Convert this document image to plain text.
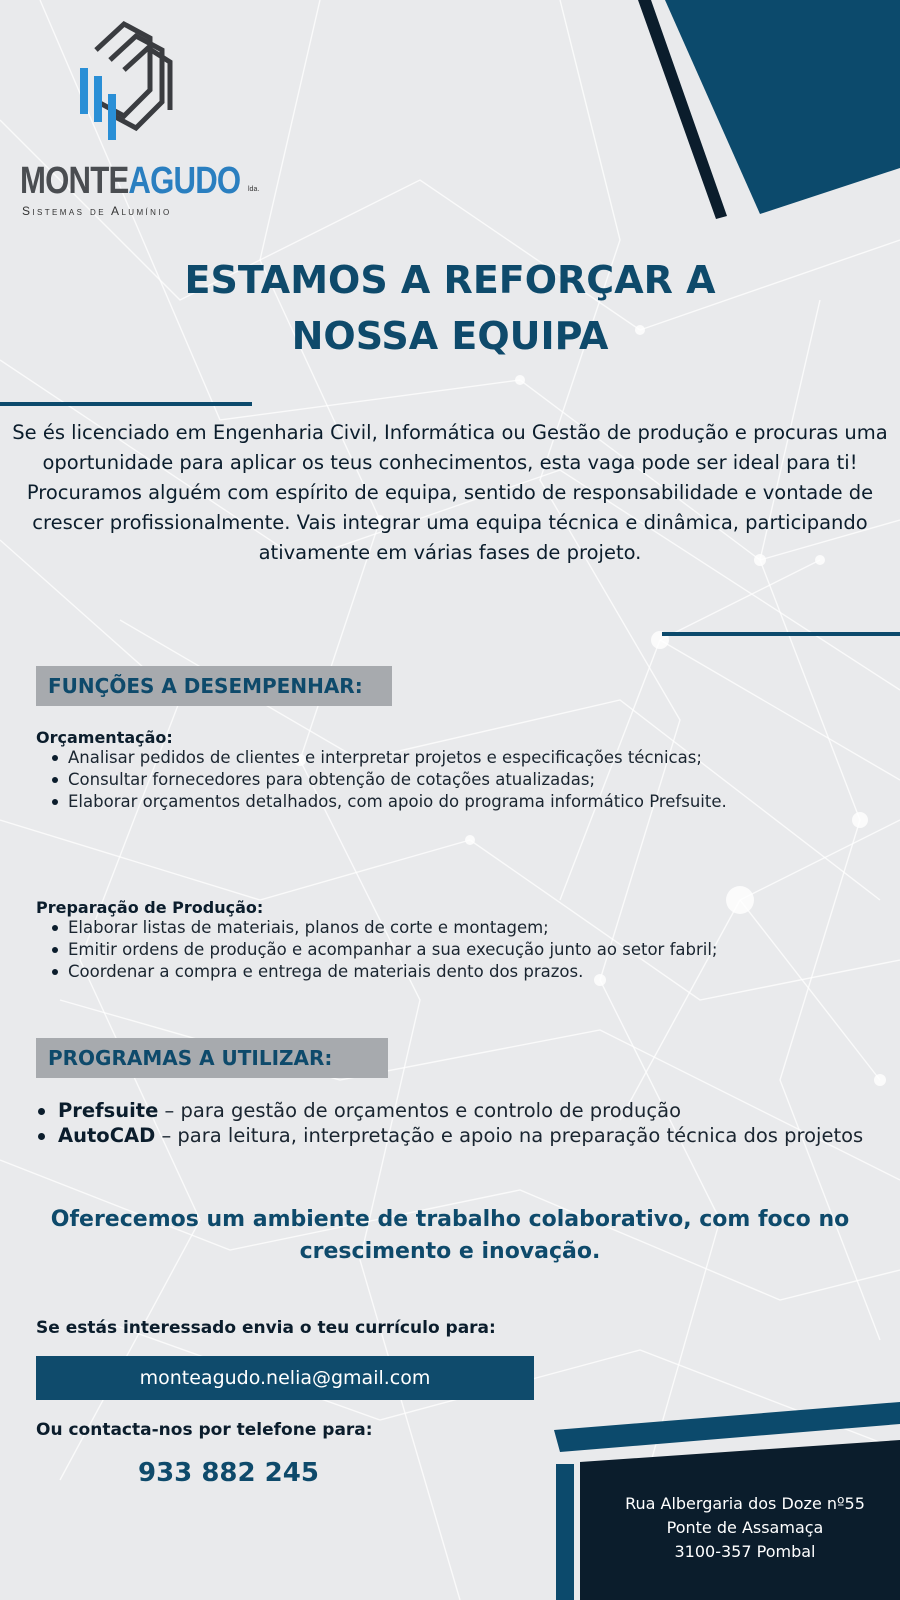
MONTEAGUDO lda.
Sistemas de Alumínio
ESTAMOS A REFORÇAR A
NOSSA EQUIPA

Se és licenciado em Engenharia Civil, Informática ou Gestão de produção e procuras uma oportunidade para aplicar os teus conhecimentos, esta vaga pode ser ideal para ti!

Procuramos alguém com espírito de equipa, sentido de responsabilidade e vontade de crescer profissionalmente. Vais integrar uma equipa técnica e dinâmica, participando ativamente em várias fases de projeto.

FUNÇÕES A DESEMPENHAR:
Orçamentação:
Analisar pedidos de clientes e interpretar projetos e especificações técnicas;
Consultar fornecedores para obtenção de cotações atualizadas;
Elaborar orçamentos detalhados, com apoio do programa informático Prefsuite.
Preparação de Produção:
Elaborar listas de materiais, planos de corte e montagem;
Emitir ordens de produção e acompanhar a sua execução junto ao setor fabril;
Coordenar a compra e entrega de materiais dento dos prazos.
PROGRAMAS A UTILIZAR:
Prefsuite – para gestão de orçamentos e controlo de produção
AutoCAD – para leitura, interpretação e apoio na preparação técnica dos projetos
Oferecemos um ambiente de trabalho colaborativo, com foco no
crescimento e inovação.
Se estás interessado envia o teu currículo para:
monteagudo.nelia@gmail.com
Ou contacta-nos por telefone para:
933 882 245
Rua Albergaria dos Doze nº55
Ponte de Assamaça
3100-357 Pombal
